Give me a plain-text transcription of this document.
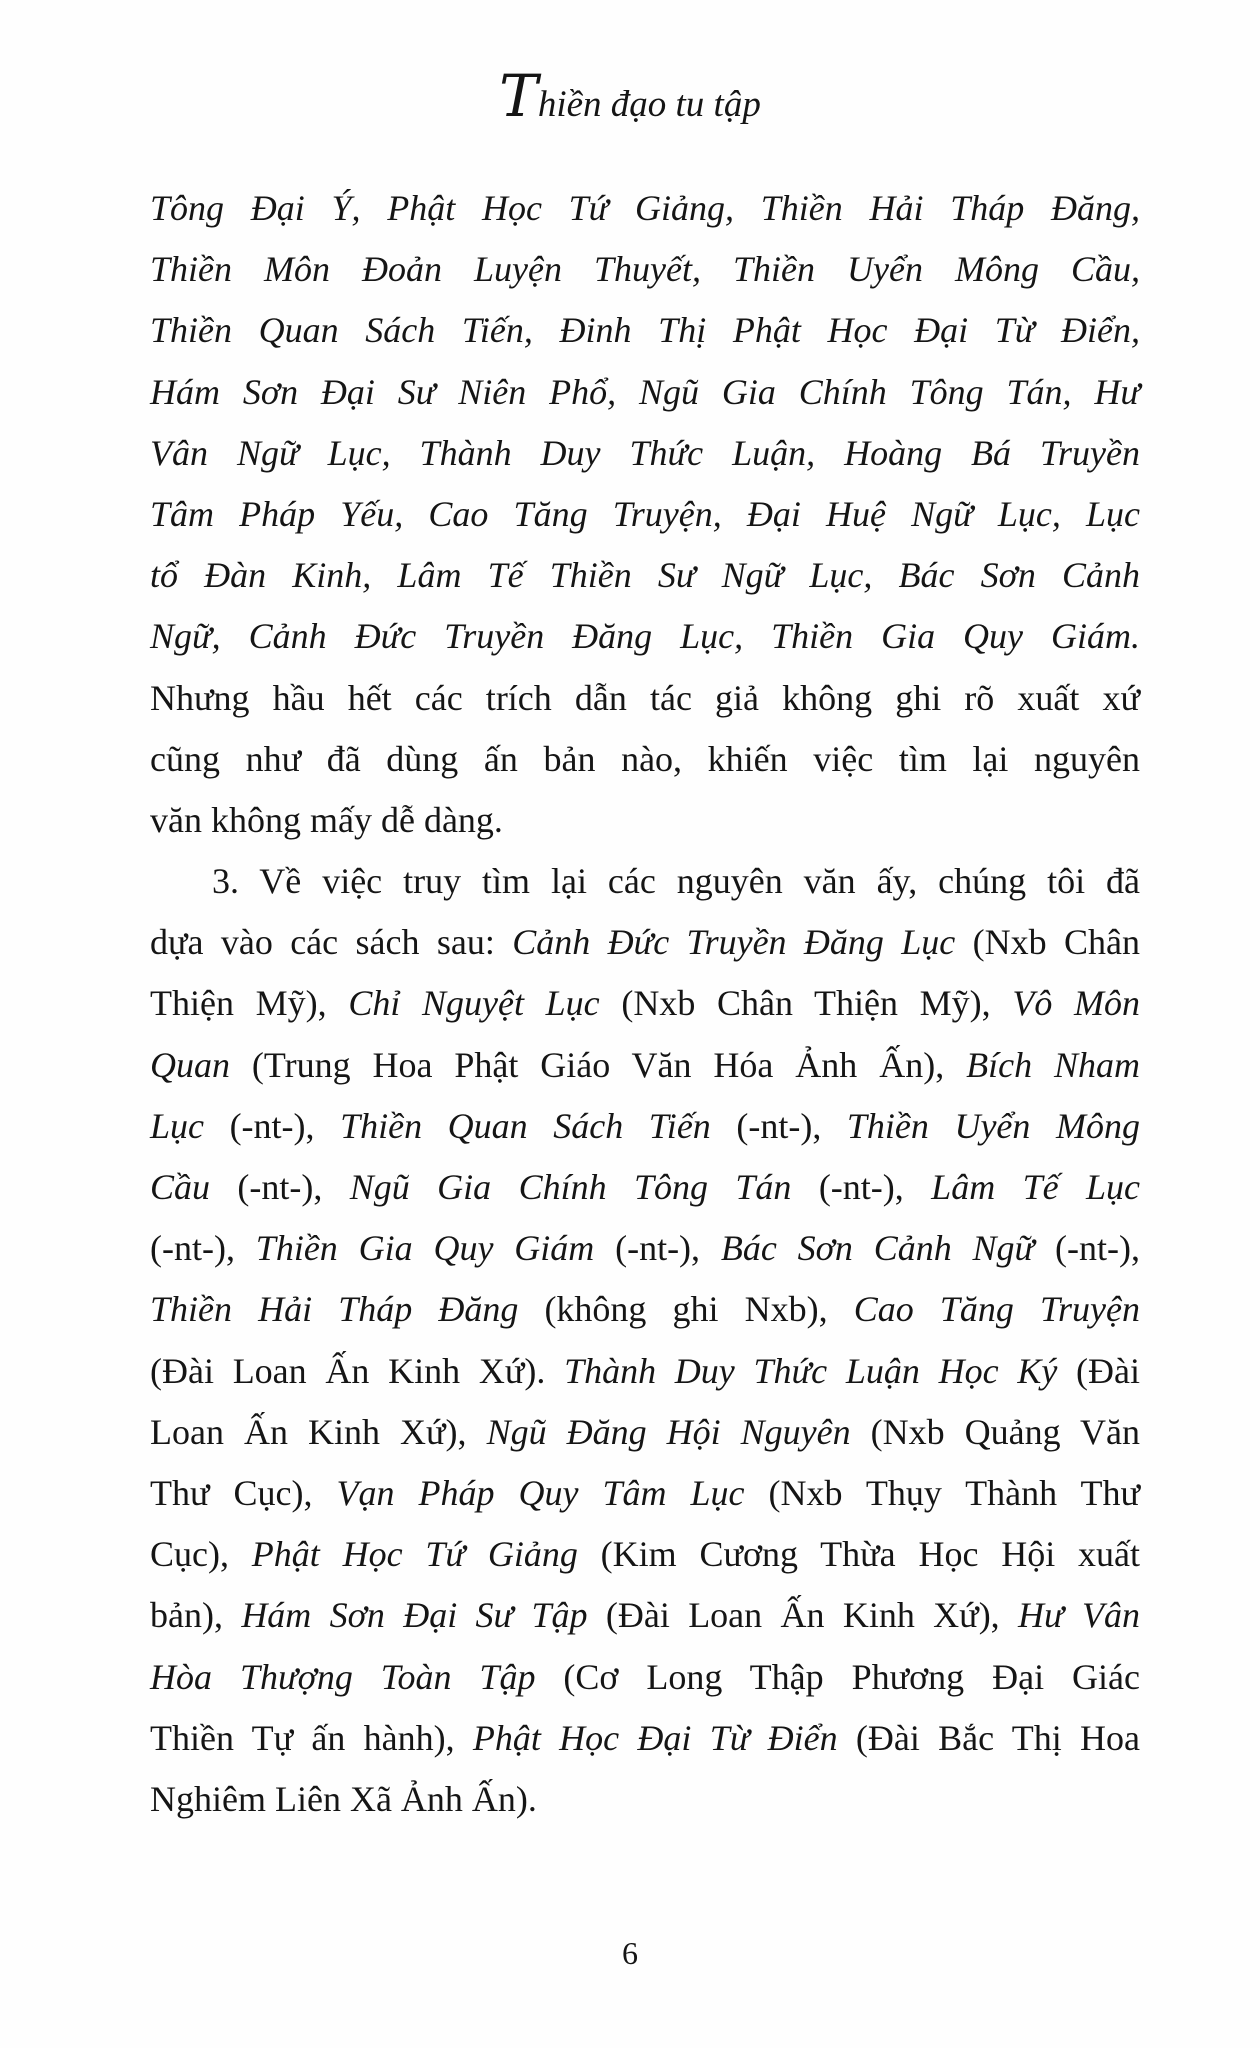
Thiền đạo tu tập
Tông Đại Ý, Phật Học Tứ Giảng, Thiền Hải Tháp Đăng,
Thiền Môn Đoản Luyện Thuyết, Thiền Uyển Mông Cầu,
Thiền Quan Sách Tiến, Đinh Thị Phật Học Đại Từ Điển,
Hám Sơn Đại Sư Niên Phổ, Ngũ Gia Chính Tông Tán, Hư
Vân Ngữ Lục, Thành Duy Thức Luận, Hoàng Bá Truyền
Tâm Pháp Yếu, Cao Tăng Truyện, Đại Huệ Ngữ Lục, Lục
tổ Đàn Kinh, Lâm Tế Thiền Sư Ngữ Lục, Bác Sơn Cảnh
Ngữ, Cảnh Đức Truyền Đăng Lục, Thiền Gia Quy Giám.
Nhưng hầu hết các trích dẫn tác giả không ghi rõ xuất xứ
cũng như đã dùng ấn bản nào, khiến việc tìm lại nguyên
văn không mấy dễ dàng.
3. Về việc truy tìm lại các nguyên văn ấy, chúng tôi đã
dựa vào các sách sau: Cảnh Đức Truyền Đăng Lục (Nxb Chân
Thiện Mỹ), Chỉ Nguyệt Lục (Nxb Chân Thiện Mỹ), Vô Môn
Quan (Trung Hoa Phật Giáo Văn Hóa Ảnh Ấn), Bích Nham
Lục (-nt-), Thiền Quan Sách Tiến (-nt-), Thiền Uyển Mông
Cầu (-nt-), Ngũ Gia Chính Tông Tán (-nt-), Lâm Tế Lục
(-nt-), Thiền Gia Quy Giám (-nt-), Bác Sơn Cảnh Ngữ (-nt-),
Thiền Hải Tháp Đăng (không ghi Nxb), Cao Tăng Truyện
(Đài Loan Ấn Kinh Xứ). Thành Duy Thức Luận Học Ký (Đài
Loan Ấn Kinh Xứ), Ngũ Đăng Hội Nguyên (Nxb Quảng Văn
Thư Cục), Vạn Pháp Quy Tâm Lục (Nxb Thụy Thành Thư
Cục), Phật Học Tứ Giảng (Kim Cương Thừa Học Hội xuất
bản), Hám Sơn Đại Sư Tập (Đài Loan Ấn Kinh Xứ), Hư Vân
Hòa Thượng Toàn Tập (Cơ Long Thập Phương Đại Giác
Thiền Tự ấn hành), Phật Học Đại Từ Điển (Đài Bắc Thị Hoa
Nghiêm Liên Xã Ảnh Ấn).
6
